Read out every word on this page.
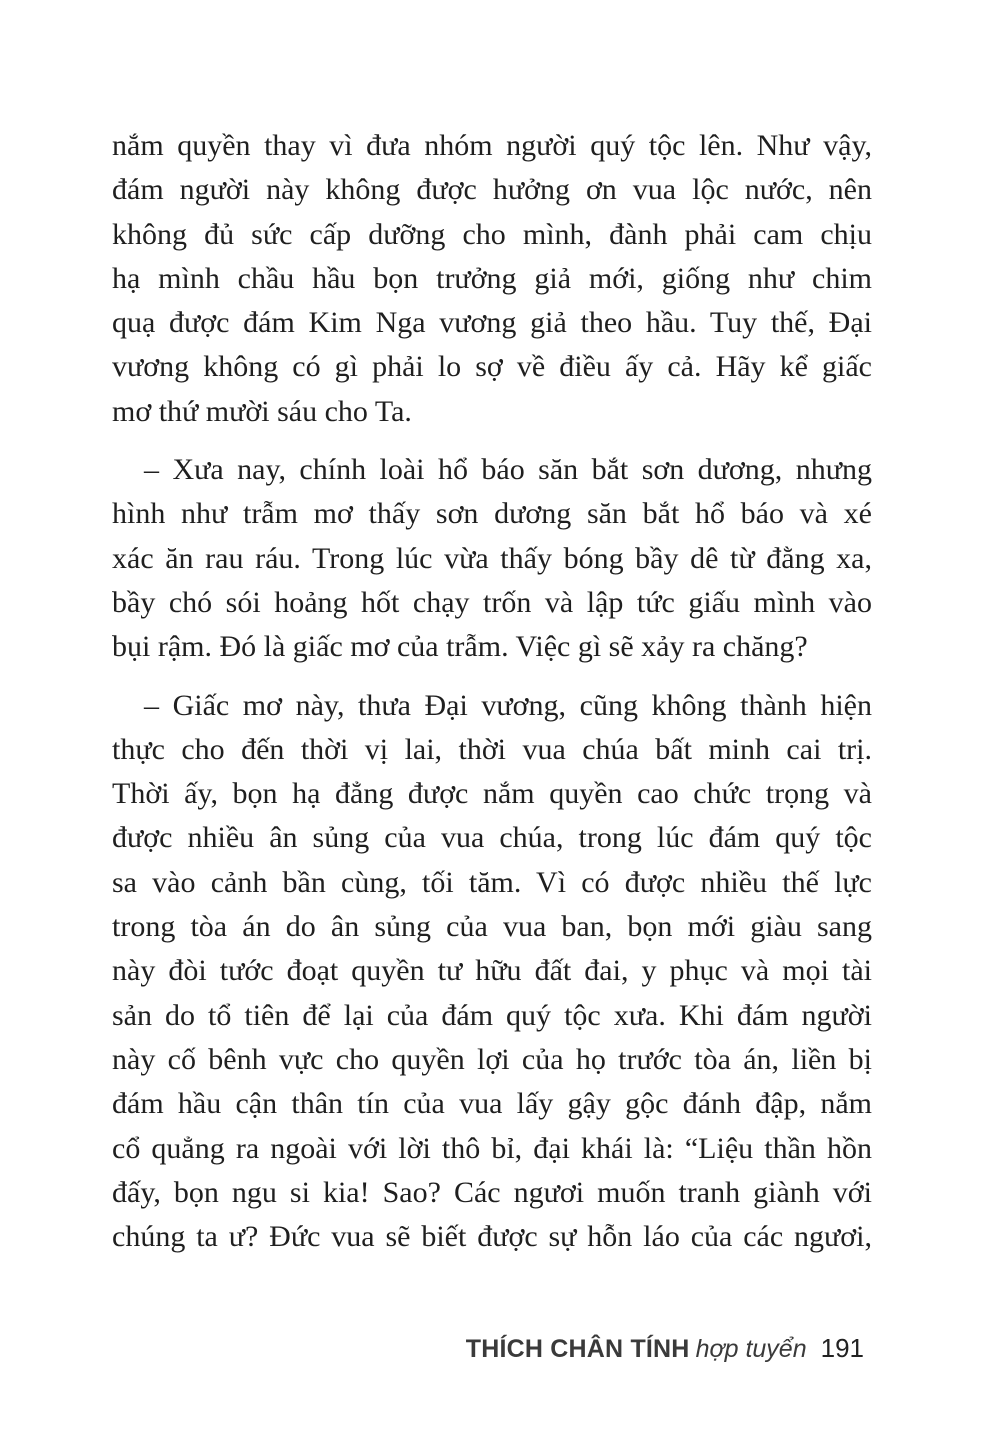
nắm quyền thay vì đưa nhóm người quý tộc lên. Như vậy,
đám người này không được hưởng ơn vua lộc nước, nên
không đủ sức cấp dưỡng cho mình, đành phải cam chịu
hạ mình chầu hầu bọn trưởng giả mới, giống như chim
quạ được đám Kim Nga vương giả theo hầu. Tuy thế, Đại
vương không có gì phải lo sợ về điều ấy cả. Hãy kể giấc
mơ thứ mười sáu cho Ta.
– Xưa nay, chính loài hổ báo săn bắt sơn dương, nhưng
hình như trẫm mơ thấy sơn dương săn bắt hổ báo và xé
xác ăn rau ráu. Trong lúc vừa thấy bóng bầy dê từ đằng xa,
bầy chó sói hoảng hốt chạy trốn và lập tức giấu mình vào
bụi rậm. Đó là giấc mơ của trẫm. Việc gì sẽ xảy ra chăng?
– Giấc mơ này, thưa Đại vương, cũng không thành hiện
thực cho đến thời vị lai, thời vua chúa bất minh cai trị.
Thời ấy, bọn hạ đẳng được nắm quyền cao chức trọng và
được nhiều ân sủng của vua chúa, trong lúc đám quý tộc
sa vào cảnh bần cùng, tối tăm. Vì có được nhiều thế lực
trong tòa án do ân sủng của vua ban, bọn mới giàu sang
này đòi tước đoạt quyền tư hữu đất đai, y phục và mọi tài
sản do tổ tiên để lại của đám quý tộc xưa. Khi đám người
này cố bênh vực cho quyền lợi của họ trước tòa án, liền bị
đám hầu cận thân tín của vua lấy gậy gộc đánh đập, nắm
cổ quẳng ra ngoài với lời thô bỉ, đại khái là: “Liệu thần hồn
đấy, bọn ngu si kia! Sao? Các ngươi muốn tranh giành với
chúng ta ư? Đức vua sẽ biết được sự hỗn láo của các ngươi,
THÍCH CHÂN TÍNH hợp tuyển 191
